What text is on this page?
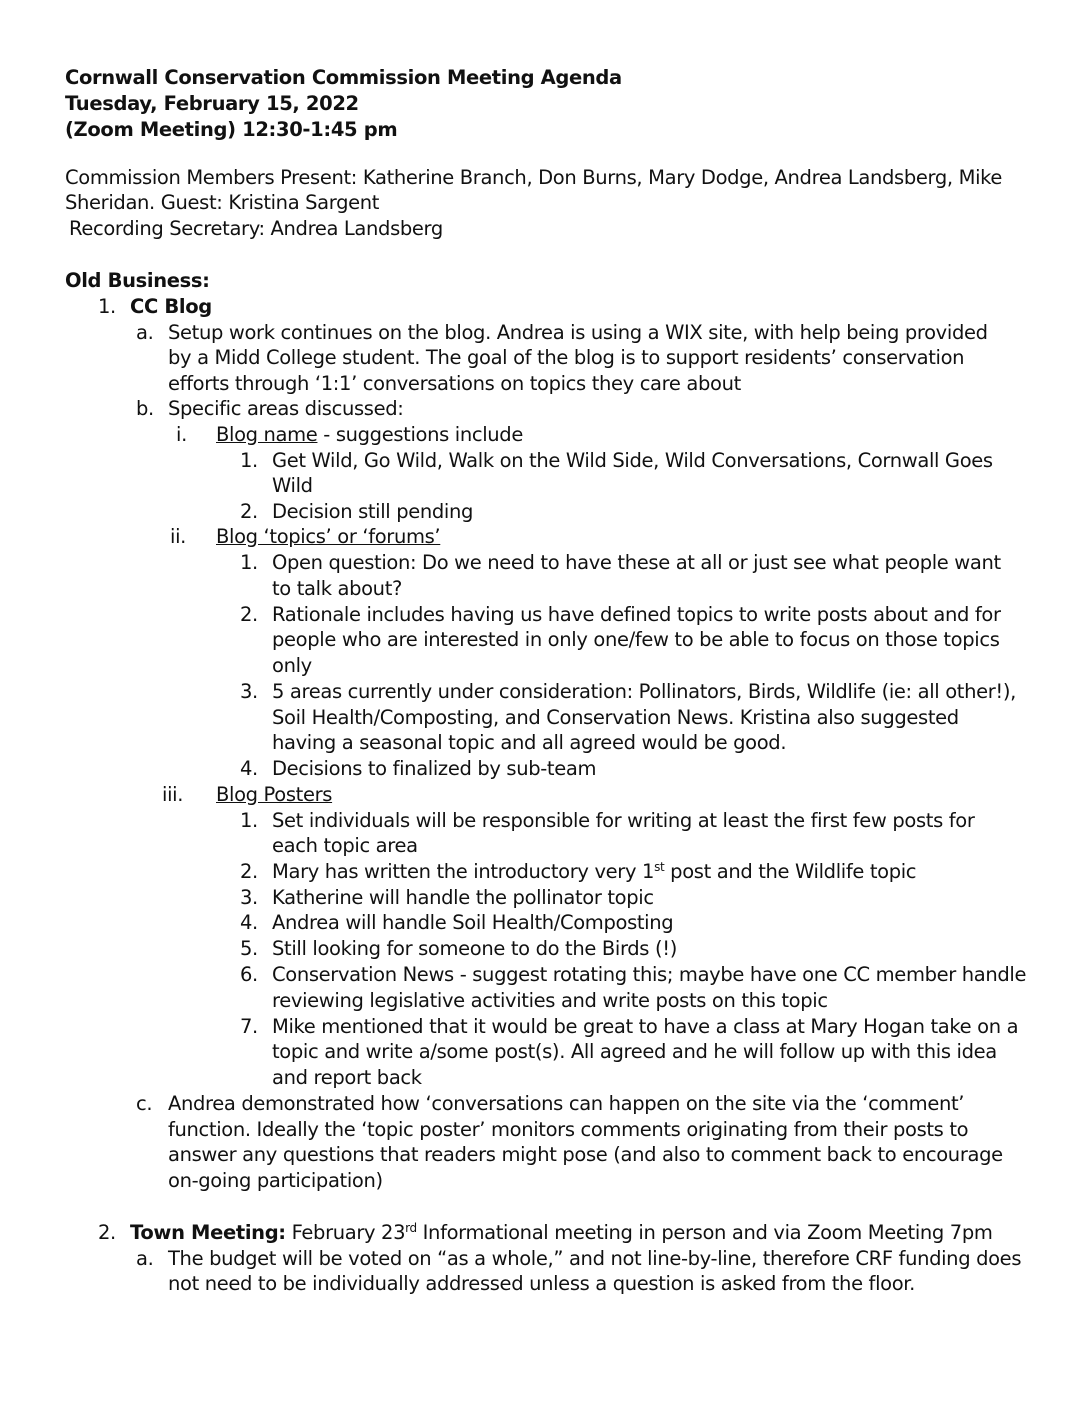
Cornwall Conservation Commission Meeting Agenda
Tuesday, February 15, 2022
(Zoom Meeting) 12:30-1:45 pm
Commission Members Present: Katherine Branch, Don Burns, Mary Dodge, Andrea Landsberg, Mike
Sheridan. Guest: Kristina Sargent
Recording Secretary: Andrea Landsberg
Old Business:
1. CC Blog
a. Setup work continues on the blog. Andrea is using a WIX site, with help being provided
by a Midd College student. The goal of the blog is to support residents’ conservation
efforts through ‘1:1’ conversations on topics they care about
b. Specific areas discussed:
i. Blog name - suggestions include
1. Get Wild, Go Wild, Walk on the Wild Side, Wild Conversations, Cornwall Goes
Wild
2. Decision still pending
ii. Blog ‘topics’ or ‘forums’
1. Open question: Do we need to have these at all or just see what people want
to talk about?
2. Rationale includes having us have defined topics to write posts about and for
people who are interested in only one/few to be able to focus on those topics
only
3. 5 areas currently under consideration: Pollinators, Birds, Wildlife (ie: all other!),
Soil Health/Composting, and Conservation News. Kristina also suggested
having a seasonal topic and all agreed would be good.
4. Decisions to finalized by sub-team
iii. Blog Posters
1. Set individuals will be responsible for writing at least the first few posts for
each topic area
2. Mary has written the introductory very 1st post and the Wildlife topic
3. Katherine will handle the pollinator topic
4. Andrea will handle Soil Health/Composting
5. Still looking for someone to do the Birds (!)
6. Conservation News - suggest rotating this; maybe have one CC member handle
reviewing legislative activities and write posts on this topic
7. Mike mentioned that it would be great to have a class at Mary Hogan take on a
topic and write a/some post(s). All agreed and he will follow up with this idea
and report back
c. Andrea demonstrated how ‘conversations can happen on the site via the ‘comment’
function. Ideally the ‘topic poster’ monitors comments originating from their posts to
answer any questions that readers might pose (and also to comment back to encourage
on-going participation)
2. Town Meeting: February 23rd Informational meeting in person and via Zoom Meeting 7pm
a. The budget will be voted on “as a whole,” and not line-by-line, therefore CRF funding does
not need to be individually addressed unless a question is asked from the floor.
